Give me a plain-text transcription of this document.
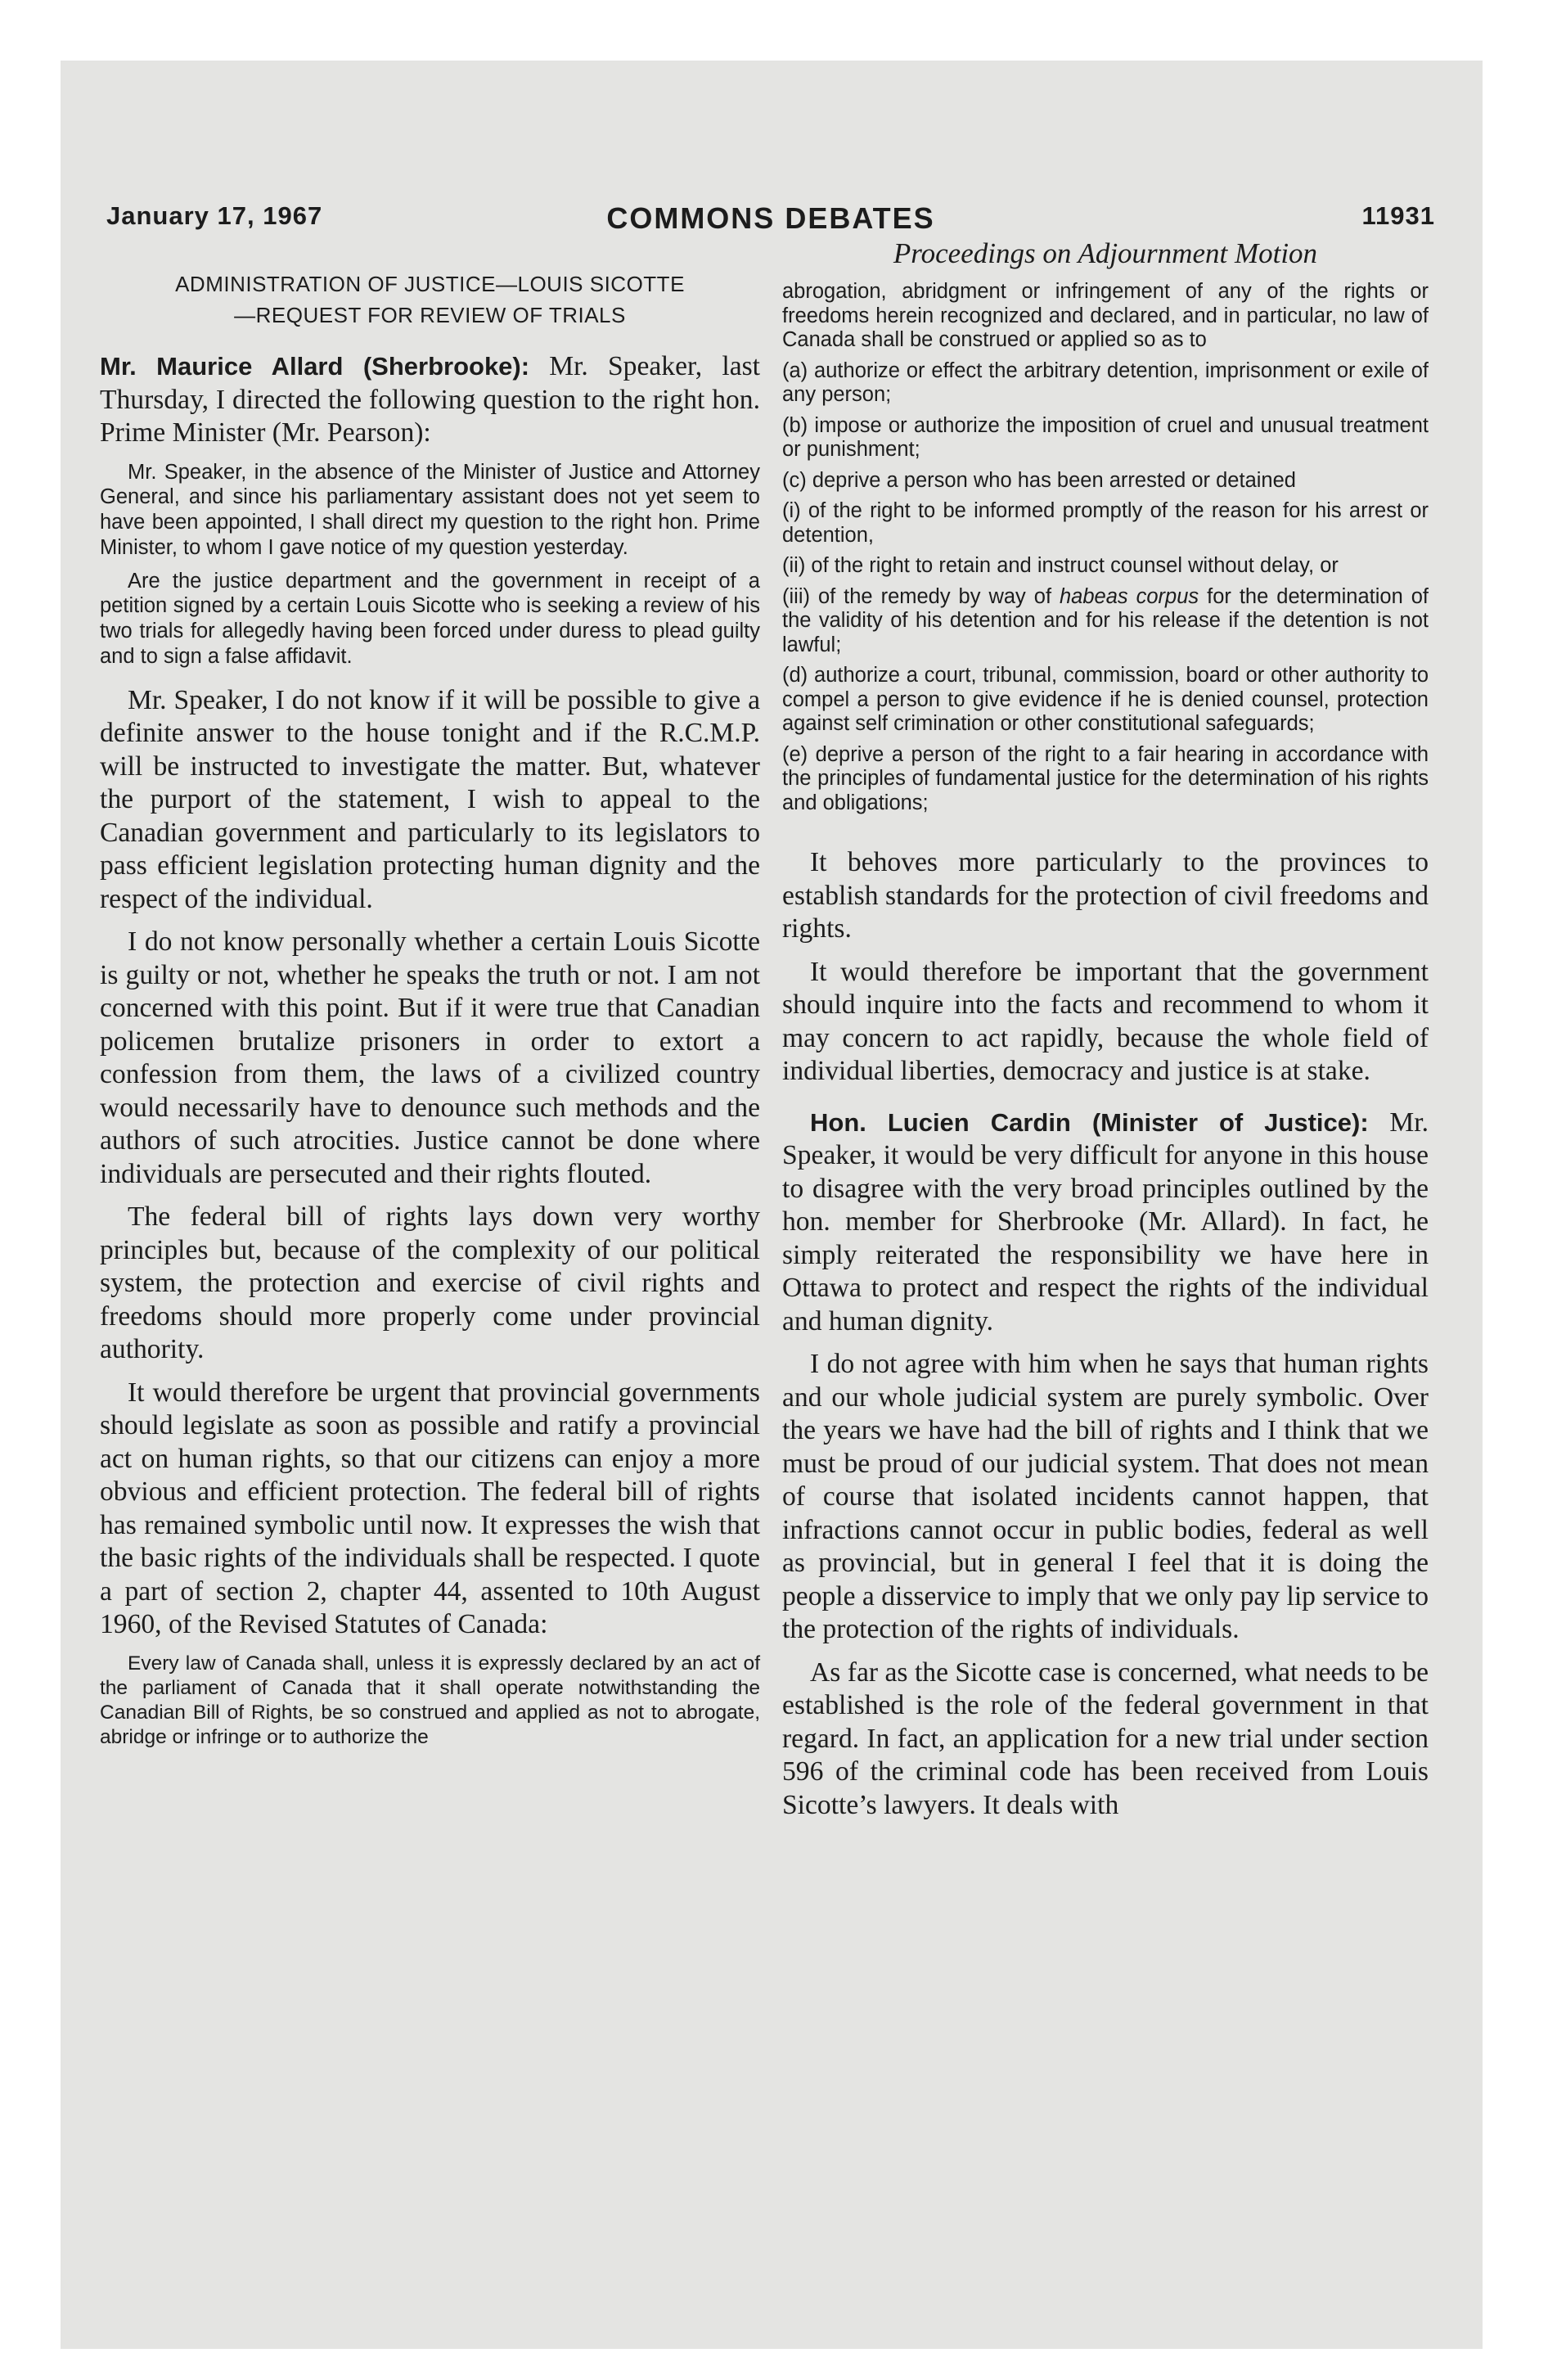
January 17, 1967	COMMONS DEBATES	11931
ADMINISTRATION OF JUSTICE—LOUIS SICOTTE
—REQUEST FOR REVIEW OF TRIALS

Mr. Maurice Allard (Sherbrooke): Mr. Speaker, last Thursday, I directed the following question to the right hon. Prime Minister (Mr. Pearson):

Mr. Speaker, in the absence of the Minister of Justice and Attorney General, and since his parliamentary assistant does not yet seem to have been appointed, I shall direct my question to the right hon. Prime Minister, to whom I gave notice of my question yesterday.

Are the justice department and the government in receipt of a petition signed by a certain Louis Sicotte who is seeking a review of his two trials for allegedly having been forced under duress to plead guilty and to sign a false affidavit.

Mr. Speaker, I do not know if it will be possible to give a definite answer to the house tonight and if the R.C.M.P. will be instructed to investigate the matter. But, whatever the purport of the statement, I wish to appeal to the Canadian government and particularly to its legislators to pass efficient legislation protecting human dignity and the respect of the individual.

I do not know personally whether a certain Louis Sicotte is guilty or not, whether he speaks the truth or not. I am not concerned with this point. But if it were true that Canadian policemen brutalize prisoners in order to extort a confession from them, the laws of a civilized country would necessarily have to denounce such methods and the authors of such atrocities. Justice cannot be done where individuals are persecuted and their rights flouted.

The federal bill of rights lays down very worthy principles but, because of the complexity of our political system, the protection and exercise of civil rights and freedoms should more properly come under provincial authority.

It would therefore be urgent that provincial governments should legislate as soon as possible and ratify a provincial act on human rights, so that our citizens can enjoy a more obvious and efficient protection. The federal bill of rights has remained symbolic until now. It expresses the wish that the basic rights of the individuals shall be respected. I quote a part of section 2, chapter 44, assented to 10th August 1960, of the Revised Statutes of Canada:

Every law of Canada shall, unless it is expressly declared by an act of the parliament of Canada that it shall operate notwithstanding the Canadian Bill of Rights, be so construed and applied as not to abrogate, abridge or infringe or to authorize the

Proceedings on Adjournment Motion

abrogation, abridgment or infringement of any of the rights or freedoms herein recognized and declared, and in particular, no law of Canada shall be construed or applied so as to

(a) authorize or effect the arbitrary detention, imprisonment or exile of any person;

(b) impose or authorize the imposition of cruel and unusual treatment or punishment;

(c) deprive a person who has been arrested or detained

(i) of the right to be informed promptly of the reason for his arrest or detention,

(ii) of the right to retain and instruct counsel without delay, or

(iii) of the remedy by way of habeas corpus for the determination of the validity of his detention and for his release if the detention is not lawful;

(d) authorize a court, tribunal, commission, board or other authority to compel a person to give evidence if he is denied counsel, protection against self crimination or other constitutional safeguards;

(e) deprive a person of the right to a fair hearing in accordance with the principles of fundamental justice for the determination of his rights and obligations;

It behoves more particularly to the provinces to establish standards for the protection of civil freedoms and rights.

It would therefore be important that the government should inquire into the facts and recommend to whom it may concern to act rapidly, because the whole field of individual liberties, democracy and justice is at stake.

Hon. Lucien Cardin (Minister of Justice): Mr. Speaker, it would be very difficult for anyone in this house to disagree with the very broad principles outlined by the hon. member for Sherbrooke (Mr. Allard). In fact, he simply reiterated the responsibility we have here in Ottawa to protect and respect the rights of the individual and human dignity.

I do not agree with him when he says that human rights and our whole judicial system are purely symbolic. Over the years we have had the bill of rights and I think that we must be proud of our judicial system. That does not mean of course that isolated incidents cannot happen, that infractions cannot occur in public bodies, federal as well as provincial, but in general I feel that it is doing the people a disservice to imply that we only pay lip service to the protection of the rights of individuals.

As far as the Sicotte case is concerned, what needs to be established is the role of the federal government in that regard. In fact, an application for a new trial under section 596 of the criminal code has been received from Louis Sicotte’s lawyers. It deals with
